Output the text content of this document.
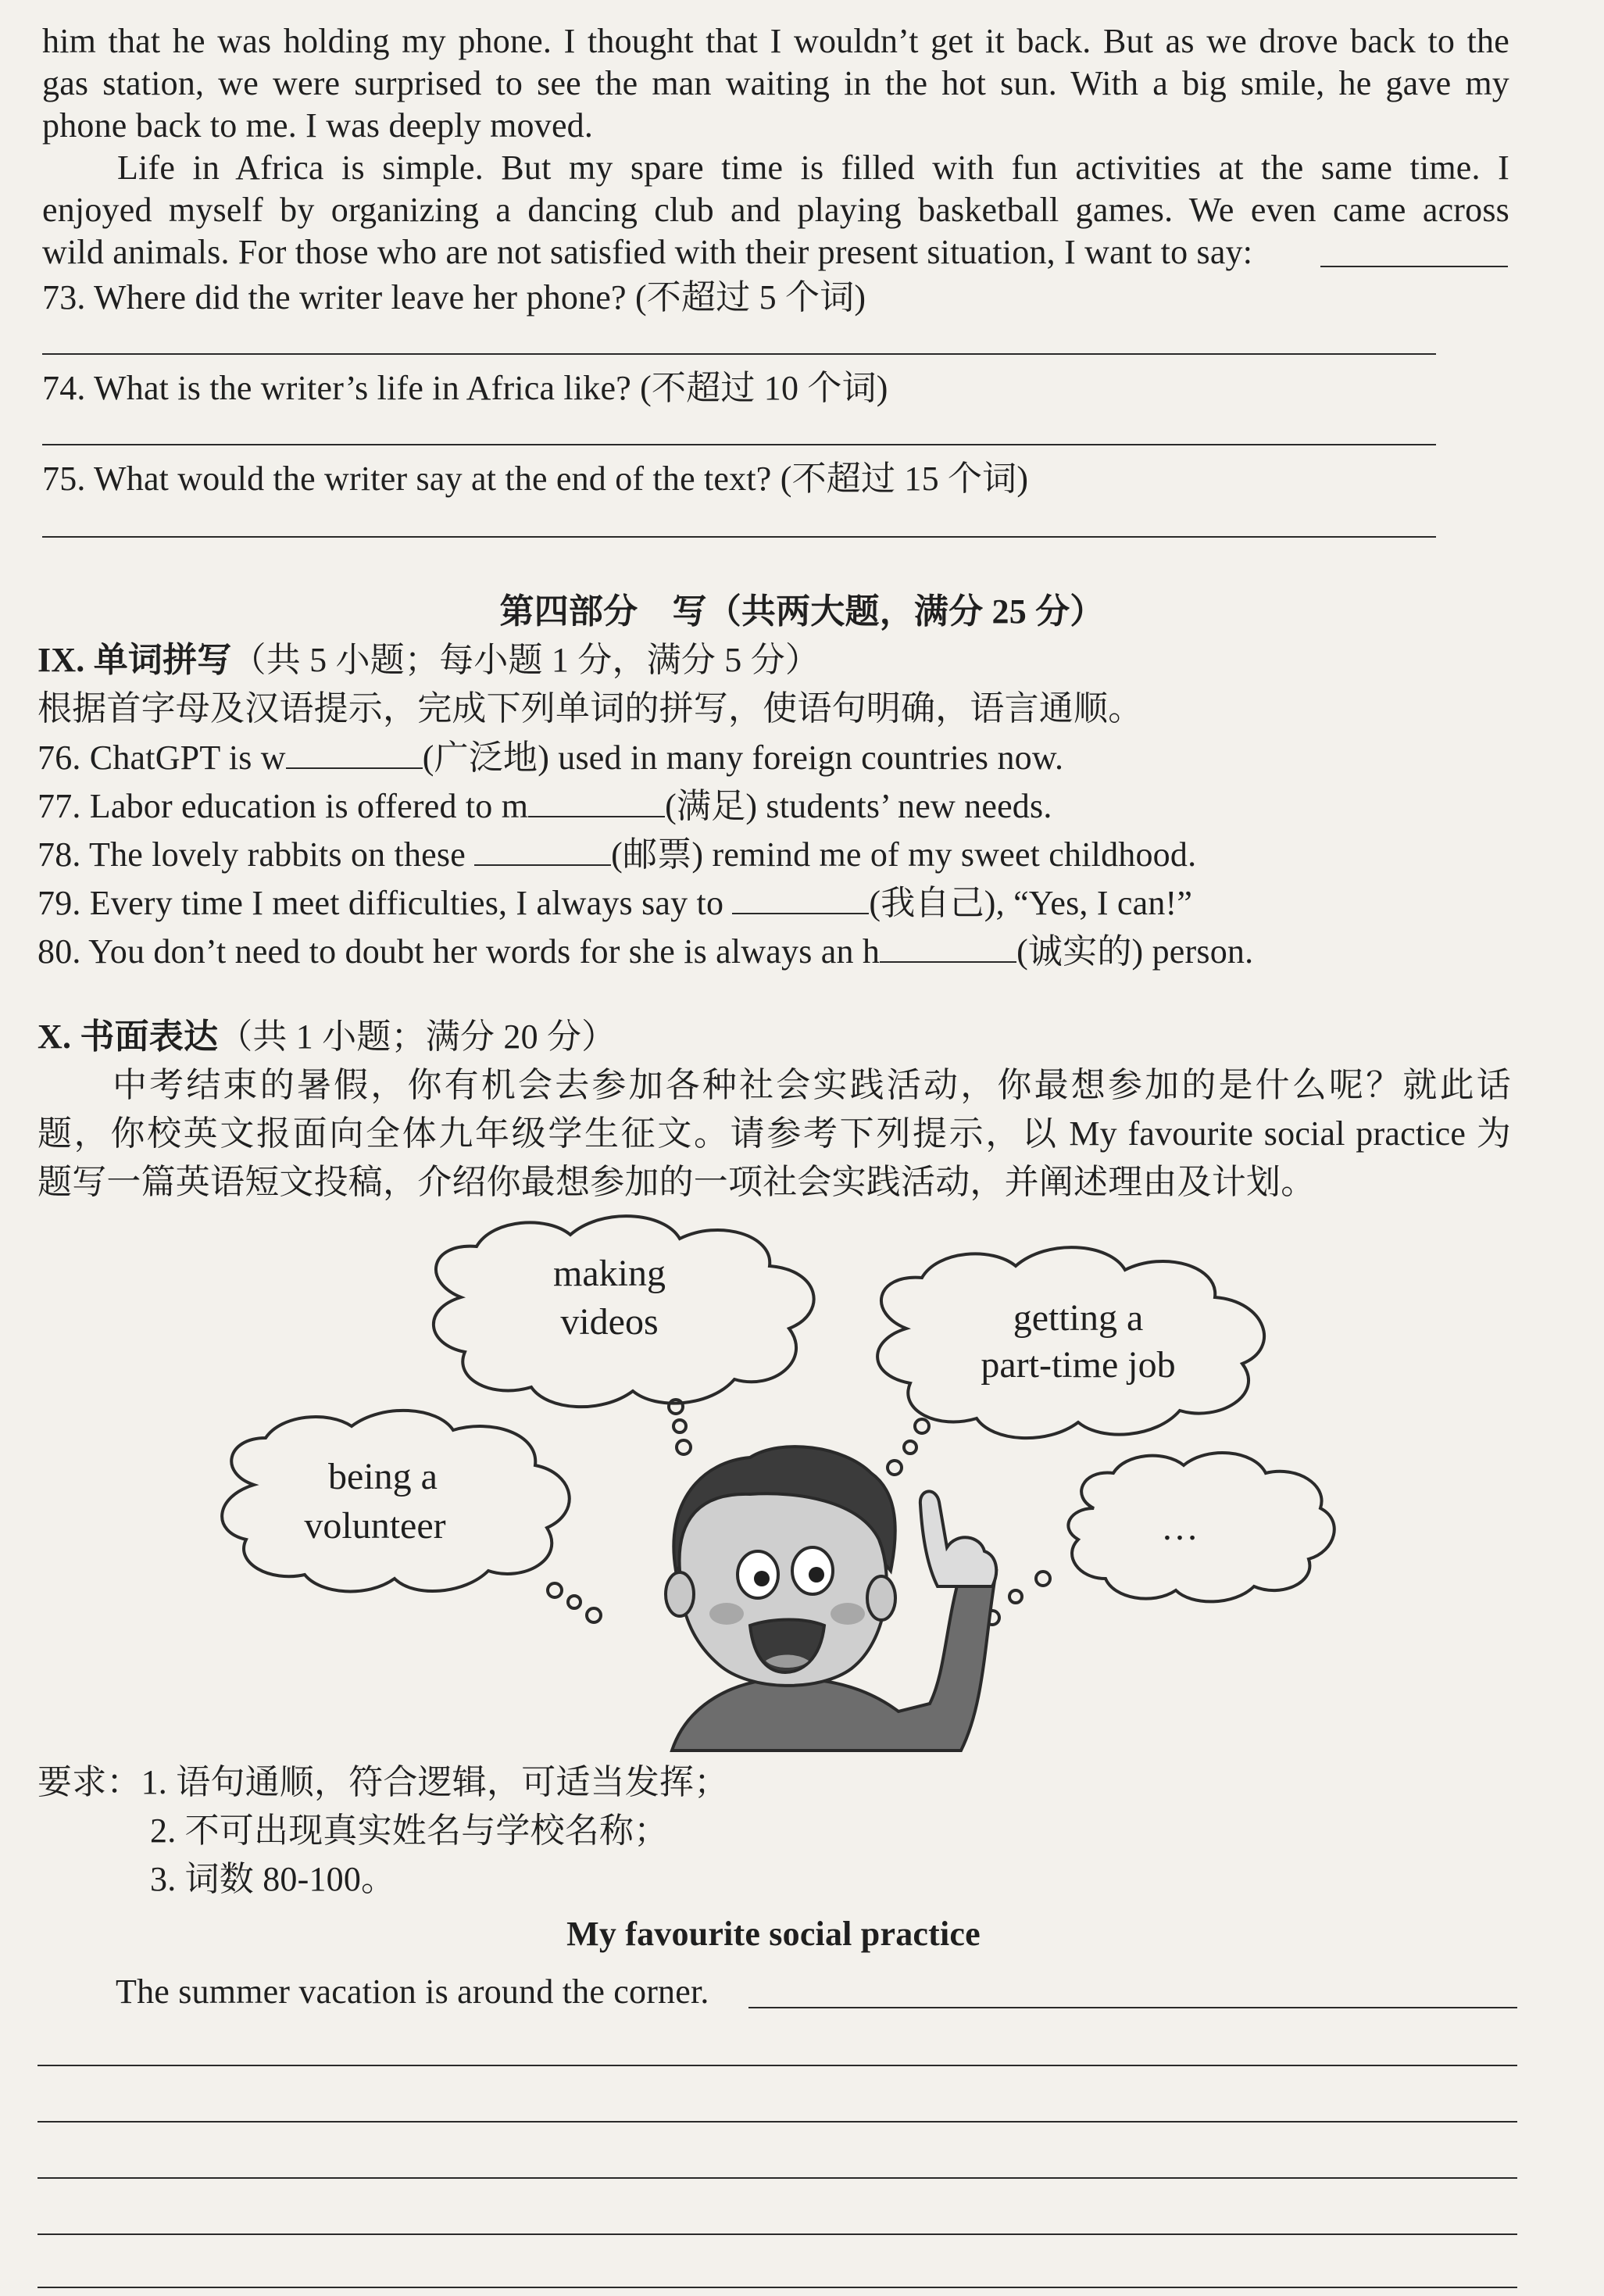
him that he was holding my phone. I thought that I wouldn’t get it back. But as we drove back to the
gas station, we were surprised to see the man waiting in the hot sun. With a big smile, he gave my
phone back to me. I was deeply moved.
Life in Africa is simple. But my spare time is filled with fun activities at the same time. I
enjoyed myself by organizing a dancing club and playing basketball games. We even came across
wild animals. For those who are not satisfied with their present situation, I want to say:
73. Where did the writer leave her phone? (不超过 5 个词)
74. What is the writer’s life in Africa like? (不超过 10 个词)
75. What would the writer say at the end of the text? (不超过 15 个词)
第四部分　写（共两大题，满分 25 分）
IX. 单词拼写（共 5 小题；每小题 1 分，满分 5 分）
根据首字母及汉语提示，完成下列单词的拼写，使语句明确，语言通顺。
76. ChatGPT is w	(广泛地) used in many foreign countries now.
77. Labor education is offered to m	(满足) students’ new needs.
78. The lovely rabbits on these	(邮票) remind me of my sweet childhood.
79. Every time I meet difficulties, I always say to	(我自己), “Yes, I can!”
80. You don’t need to doubt her words for she is always an h	(诚实的) person.
X. 书面表达（共 1 小题；满分 20 分）
中考结束的暑假，你有机会去参加各种社会实践活动，你最想参加的是什么呢？就此话
题，你校英文报面向全体九年级学生征文。请参考下列提示，以 My favourite social practice 为
题写一篇英语短文投稿，介绍你最想参加的一项社会实践活动，并阐述理由及计划。
making
videos	getting a
part-time job
being a
volunteer	…
要求：1. 语句通顺，符合逻辑，可适当发挥；
2. 不可出现真实姓名与学校名称；
3. 词数 80-100。
My favourite social practice
The summer vacation is around the corner.
